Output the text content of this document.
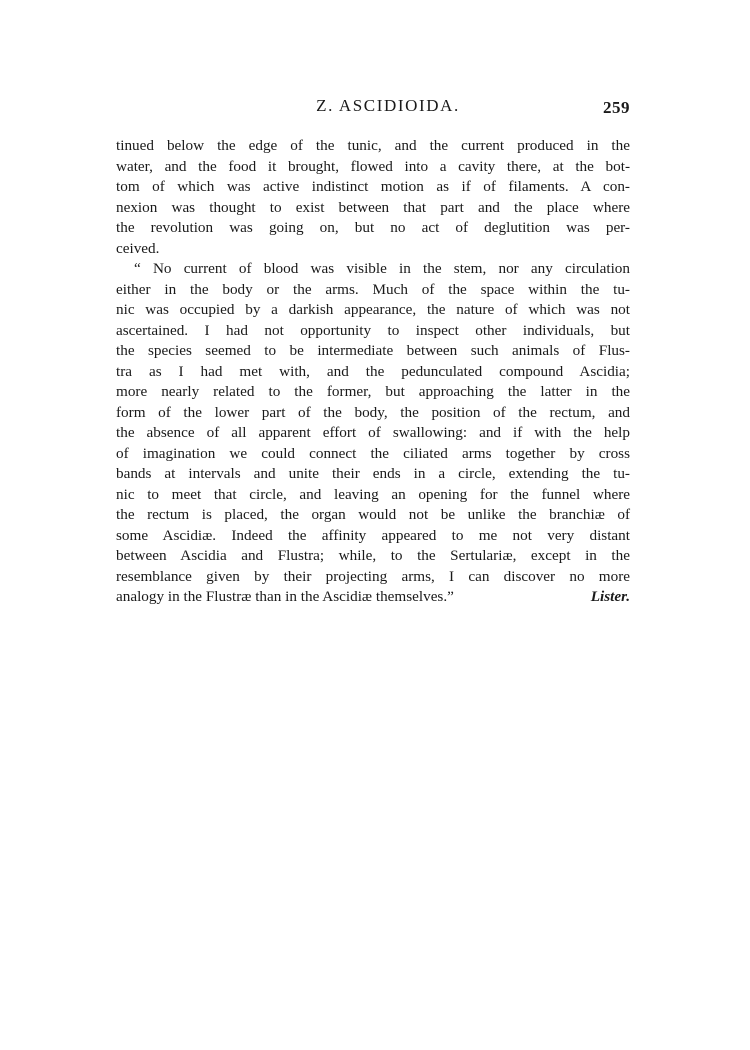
Z. ASCIDIOIDA.	259
tinued below the edge of the tunic, and the current produced in the
water, and the food it brought, flowed into a cavity there, at the bot-
tom of which was active indistinct motion as if of filaments. A con-
nexion was thought to exist between that part and the place where
the revolution was going on, but no act of deglutition was per-
ceived.
“ No current of blood was visible in the stem, nor any circulation
either in the body or the arms. Much of the space within the tu-
nic was occupied by a darkish appearance, the nature of which was not
ascertained. I had not opportunity to inspect other individuals, but
the species seemed to be intermediate between such animals of Flus-
tra as I had met with, and the pedunculated compound Ascidia;
more nearly related to the former, but approaching the latter in the
form of the lower part of the body, the position of the rectum, and
the absence of all apparent effort of swallowing: and if with the help
of imagination we could connect the ciliated arms together by cross
bands at intervals and unite their ends in a circle, extending the tu-
nic to meet that circle, and leaving an opening for the funnel where
the rectum is placed, the organ would not be unlike the branchiæ of
some Ascidiæ. Indeed the affinity appeared to me not very distant
between Ascidia and Flustra; while, to the Sertulariæ, except in the
resemblance given by their projecting arms, I can discover no more
analogy in the Flustræ than in the Ascidiæ themselves.”	Lister.
